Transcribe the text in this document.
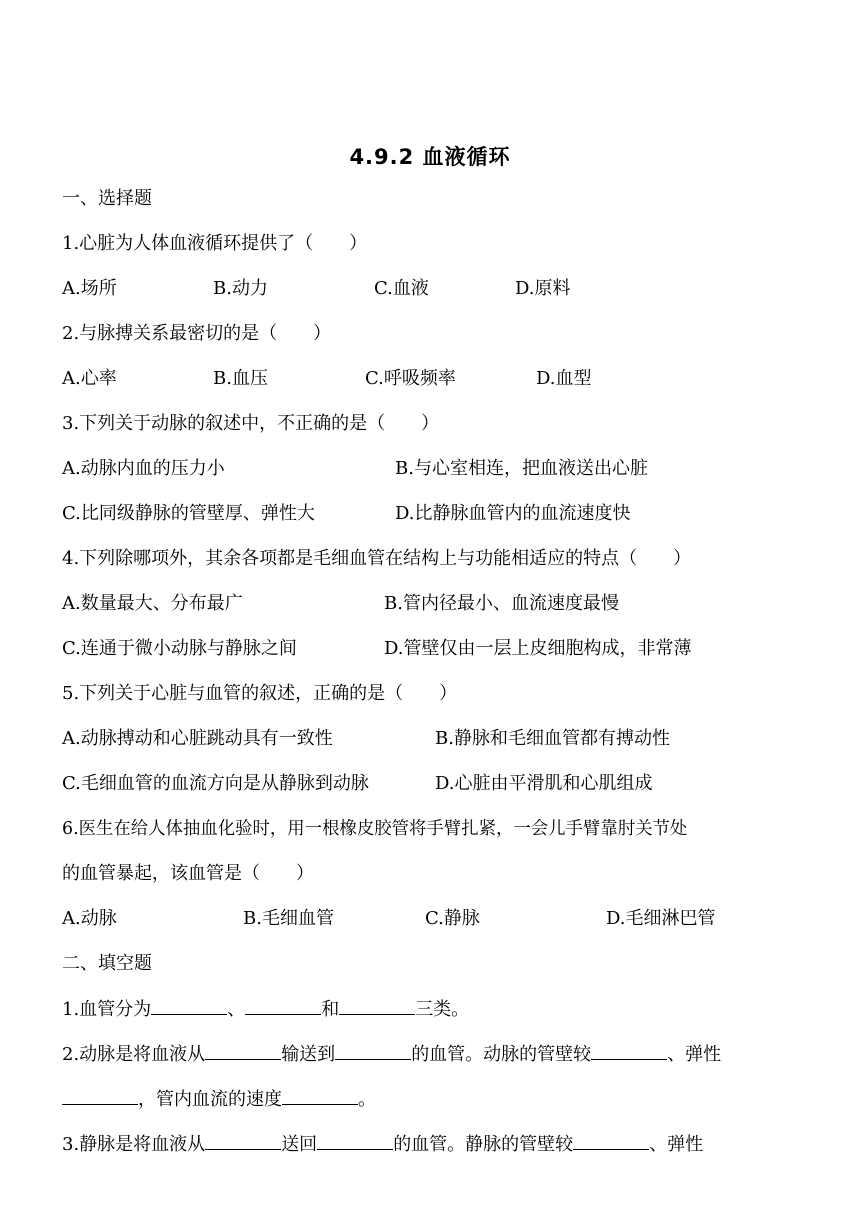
4.9.2 血液循环
一、选择题
1.心脏为人体血液循环提供了（　　）
A.场所	B.动力	C.血液	D.原料
2.与脉搏关系最密切的是（　　）
A.心率	B.血压	C.呼吸频率	D.血型
3.下列关于动脉的叙述中，不正确的是（　　）
A.动脉内血的压力小	B.与心室相连，把血液送出心脏
C.比同级静脉的管壁厚、弹性大	D.比静脉血管内的血流速度快
4.下列除哪项外，其余各项都是毛细血管在结构上与功能相适应的特点（　　）
A.数量最大、分布最广	B.管内径最小、血流速度最慢
C.连通于微小动脉与静脉之间	D.管壁仅由一层上皮细胞构成，非常薄
5.下列关于心脏与血管的叙述，正确的是（　　）
A.动脉搏动和心脏跳动具有一致性	B.静脉和毛细血管都有搏动性
C.毛细血管的血流方向是从静脉到动脉	D.心脏由平滑肌和心肌组成
6.医生在给人体抽血化验时，用一根橡皮胶管将手臂扎紧，一会儿手臂靠肘关节处
的血管暴起，该血管是（　　）
A.动脉	B.毛细血管	C.静脉	D.毛细淋巴管
二、填空题
1.血管分为	、	和	三类。
2.动脉是将血液从	输送到	的血管。动脉的管壁较	、弹性
，管内血流的速度	。
3.静脉是将血液从	送回	的血管。静脉的管壁较	、弹性
